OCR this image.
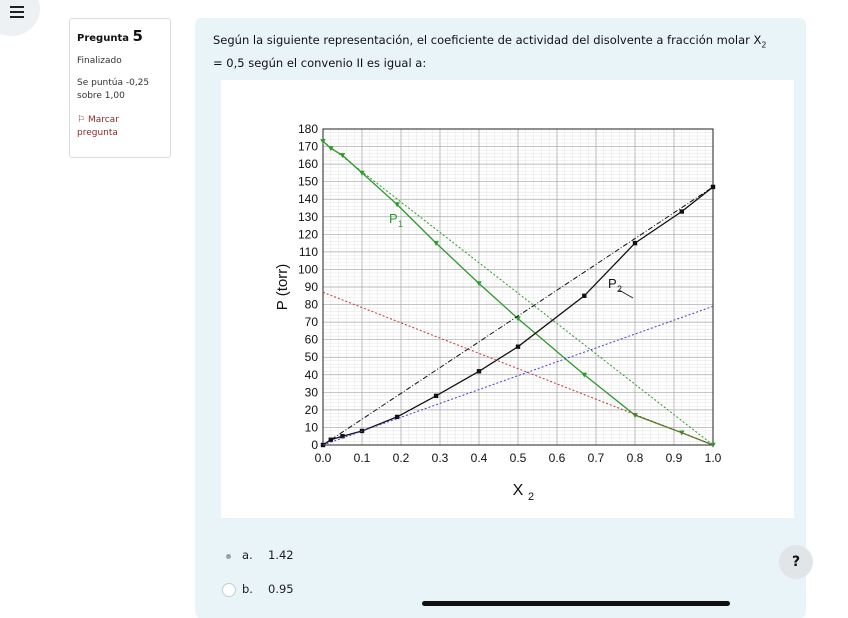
Pregunta 5
Finalizado
Se puntúa -0,25
sobre 1,00
⚐ Marcar
pregunta
Según la siguiente representación, el coeficiente de actividad del disolvente a fracción molar $X_2$
= 0,5 según el convenio II es igual a:
0.0 0.1 0.2 0.3 0.4 0.5 0.6 0.7 0.8 0.9 1.0
0
10
20
30
40
50
60
70
80
90
100
110
120
130
140
150
160
170
180
X 2
P (torr)
P 1
P 2
a. 1.42
b. 0.95
?
